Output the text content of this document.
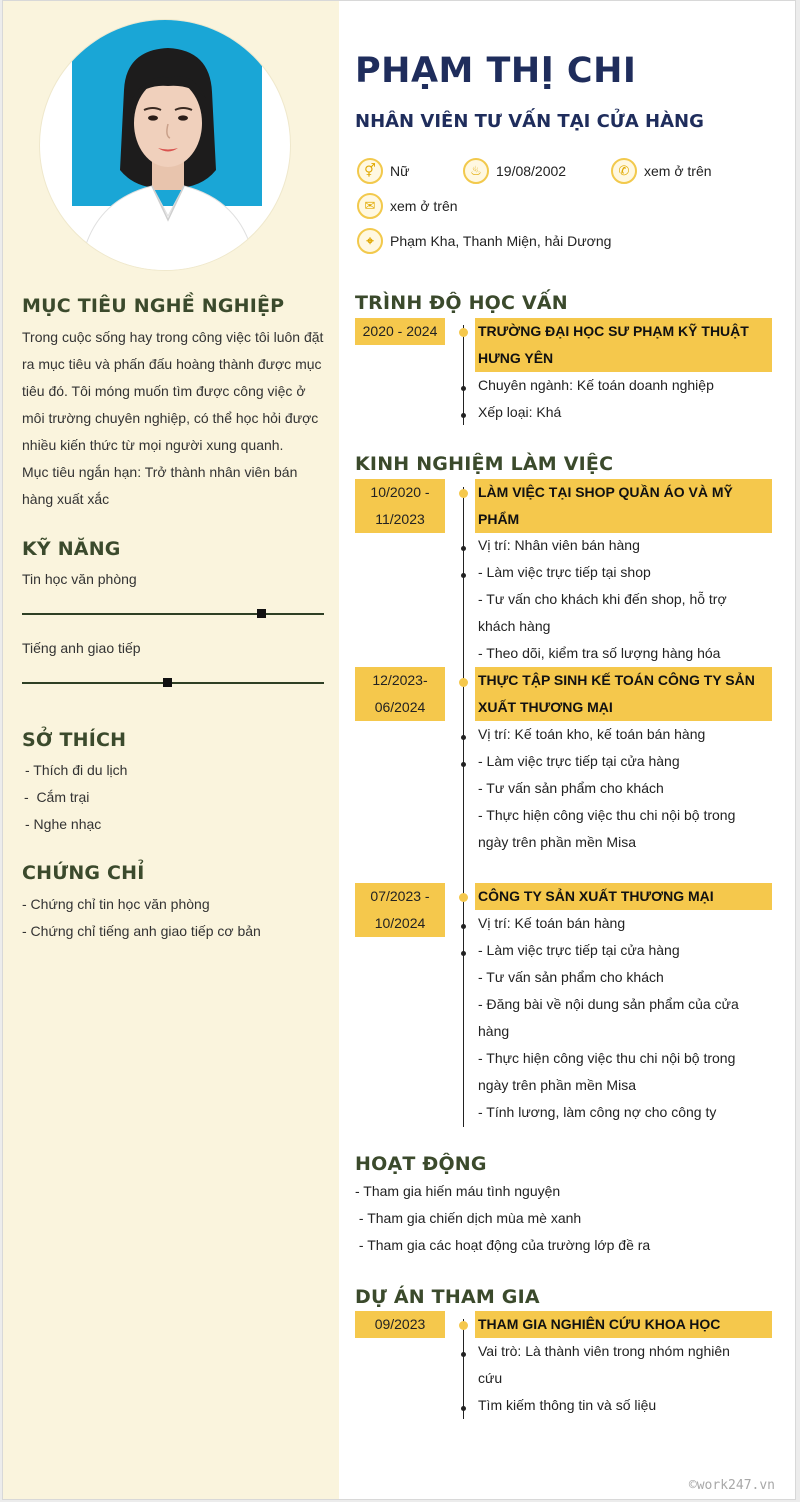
MỤC TIÊU NGHỀ NGHIỆP
Trong cuộc sống hay trong công việc tôi luôn đặt
ra mục tiêu và phấn đấu hoàng thành được mục
tiêu đó. Tôi móng muốn tìm được công việc ở
môi trường chuyên nghiệp, có thể học hỏi được
nhiều kiến thức từ mọi người xung quanh.
Mục tiêu ngắn hạn: Trở thành nhân viên bán
hàng xuất xắc
KỸ NĂNG
Tin học văn phòng
Tiếng anh giao tiếp
SỞ THÍCH
- Thích đi du lịch
-  Cắm trại
- Nghe nhạc
CHỨNG CHỈ
- Chứng chỉ tin học văn phòng
- Chứng chỉ tiếng anh giao tiếp cơ bản
PHẠM THỊ CHI
NHÂN VIÊN TƯ VẤN TẠI CỬA HÀNG
⚥	Nữ	♨	19/08/2002	✆	xem ở trên
✉	xem ở trên
⌖	Phạm Kha, Thanh Miện, hải Dương
TRÌNH ĐỘ HỌC VẤN
2020 - 2024	TRƯỜNG ĐẠI HỌC SƯ PHẠM KỸ THUẬT
HƯNG YÊN
Chuyên ngành: Kế toán doanh nghiệp
Xếp loại: Khá
KINH NGHIỆM LÀM VIỆC
10/2020 -
11/2023
LÀM VIỆC TẠI SHOP QUẦN ÁO VÀ MỸ
PHẨM
Vị trí: Nhân viên bán hàng
- Làm việc trực tiếp tại shop
- Tư vấn cho khách khi đến shop, hỗ trợ
khách hàng
- Theo dõi, kiểm tra số lượng hàng hóa
12/2023-
06/2024
THỰC TẬP SINH KẾ TOÁN CÔNG TY SẢN
XUẤT THƯƠNG MẠI
Vị trí: Kế toán kho, kế toán bán hàng
- Làm việc trực tiếp tại cửa hàng
- Tư vấn sản phẩm cho khách
- Thực hiện công việc thu chi nội bộ trong
ngày trên phần mền Misa
07/2023 -
10/2024
CÔNG TY SẢN XUẤT THƯƠNG MẠI
Vị trí: Kế toán bán hàng
- Làm việc trực tiếp tại cửa hàng
- Tư vấn sản phẩm cho khách
- Đăng bài về nội dung sản phẩm của cửa
hàng
- Thực hiện công việc thu chi nội bộ trong
ngày trên phần mền Misa
- Tính lương, làm công nợ cho công ty
HOẠT ĐỘNG
- Tham gia hiến máu tình nguyện
- Tham gia chiến dịch mùa mè xanh
- Tham gia các hoạt động của trường lớp đề ra
DỰ ÁN THAM GIA
09/2023	THAM GIA NGHIÊN CỨU KHOA HỌC
Vai trò: Là thành viên trong nhóm nghiên
cứu
Tìm kiếm thông tin và số liệu
©work247.vn
